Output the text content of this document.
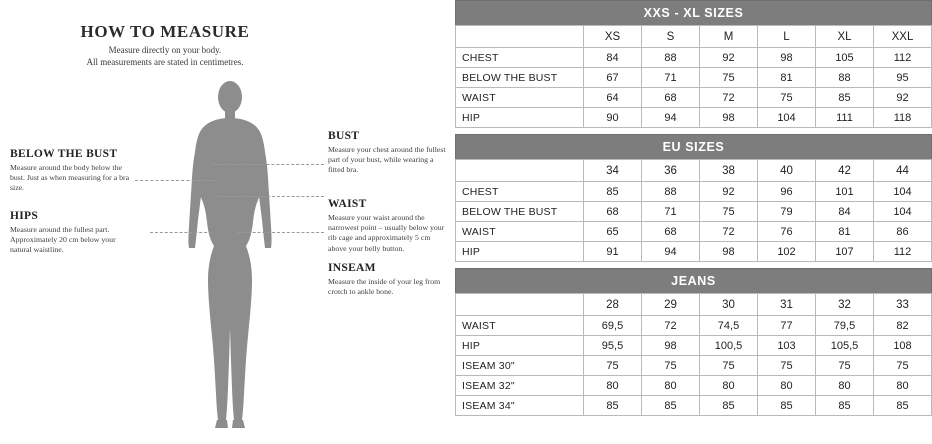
HOW TO MEASURE
Measure directly on your body.
All measurements are stated in centimetres.
BELOW THE BUST

Measure around the body below the bust. Just as when measuring for a bra size.

HIPS

Measure around the fullest part. Approximately 20 cm below your natural waistline.

BUST

Measure your chest around the fullest part of your bust, while wearing a fitted bra.

WAIST

Measure your waist around the narrowest point – usually below your rib cage and approximately 5 cm above your belly button.

INSEAM

Measure the inside of your leg from crotch to ankle bone.

XXS - XL SIZES
	XS	S	M	L	XL	XXL
CHEST	84	88	92	98	105	112
BELOW THE BUST	67	71	75	81	88	95
WAIST	64	68	72	75	85	92
HIP	90	94	98	104	111	118
EU SIZES
	34	36	38	40	42	44
CHEST	85	88	92	96	101	104
BELOW THE BUST	68	71	75	79	84	104
WAIST	65	68	72	76	81	86
HIP	91	94	98	102	107	112
JEANS
	28	29	30	31	32	33
WAIST	69,5	72	74,5	77	79,5	82
HIP	95,5	98	100,5	103	105,5	108
ISEAM 30"	75	75	75	75	75	75
ISEAM 32"	80	80	80	80	80	80
ISEAM 34"	85	85	85	85	85	85
